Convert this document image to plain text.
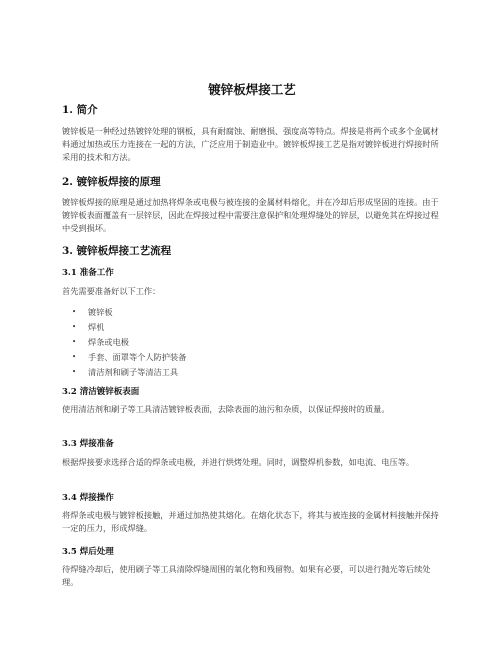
镀锌板焊接工艺
1. 简介

镀锌板是一种经过热镀锌处理的钢板，具有耐腐蚀、耐磨损、强度高等特点。焊接是将两个或多个金属材料通过加热或压力连接在一起的方法，广泛应用于制造业中。镀锌板焊接工艺是指对镀锌板进行焊接时所采用的技术和方法。

2. 镀锌板焊接的原理

镀锌板焊接的原理是通过加热将焊条或电极与被连接的金属材料熔化，并在冷却后形成坚固的连接。由于镀锌板表面覆盖有一层锌层，因此在焊接过程中需要注意保护和处理焊缝处的锌层，以避免其在焊接过程中受到损坏。

3. 镀锌板焊接工艺流程
3.1 准备工作

首先需要准备好以下工作：

• 镀锌板
• 焊机
• 焊条或电极
• 手套、面罩等个人防护装备
• 清洁剂和刷子等清洁工具
3.2 清洁镀锌板表面

使用清洁剂和刷子等工具清洁镀锌板表面，去除表面的油污和杂质，以保证焊接时的质量。

3.3 焊接准备

根据焊接要求选择合适的焊条或电极，并进行烘烤处理。同时，调整焊机参数，如电流、电压等。

3.4 焊接操作

将焊条或电极与镀锌板接触，并通过加热使其熔化。在熔化状态下，将其与被连接的金属材料接触并保持一定的压力，形成焊缝。

3.5 焊后处理

待焊缝冷却后，使用刷子等工具清除焊缝周围的氧化物和残留物。如果有必要，可以进行抛光等后续处理。
